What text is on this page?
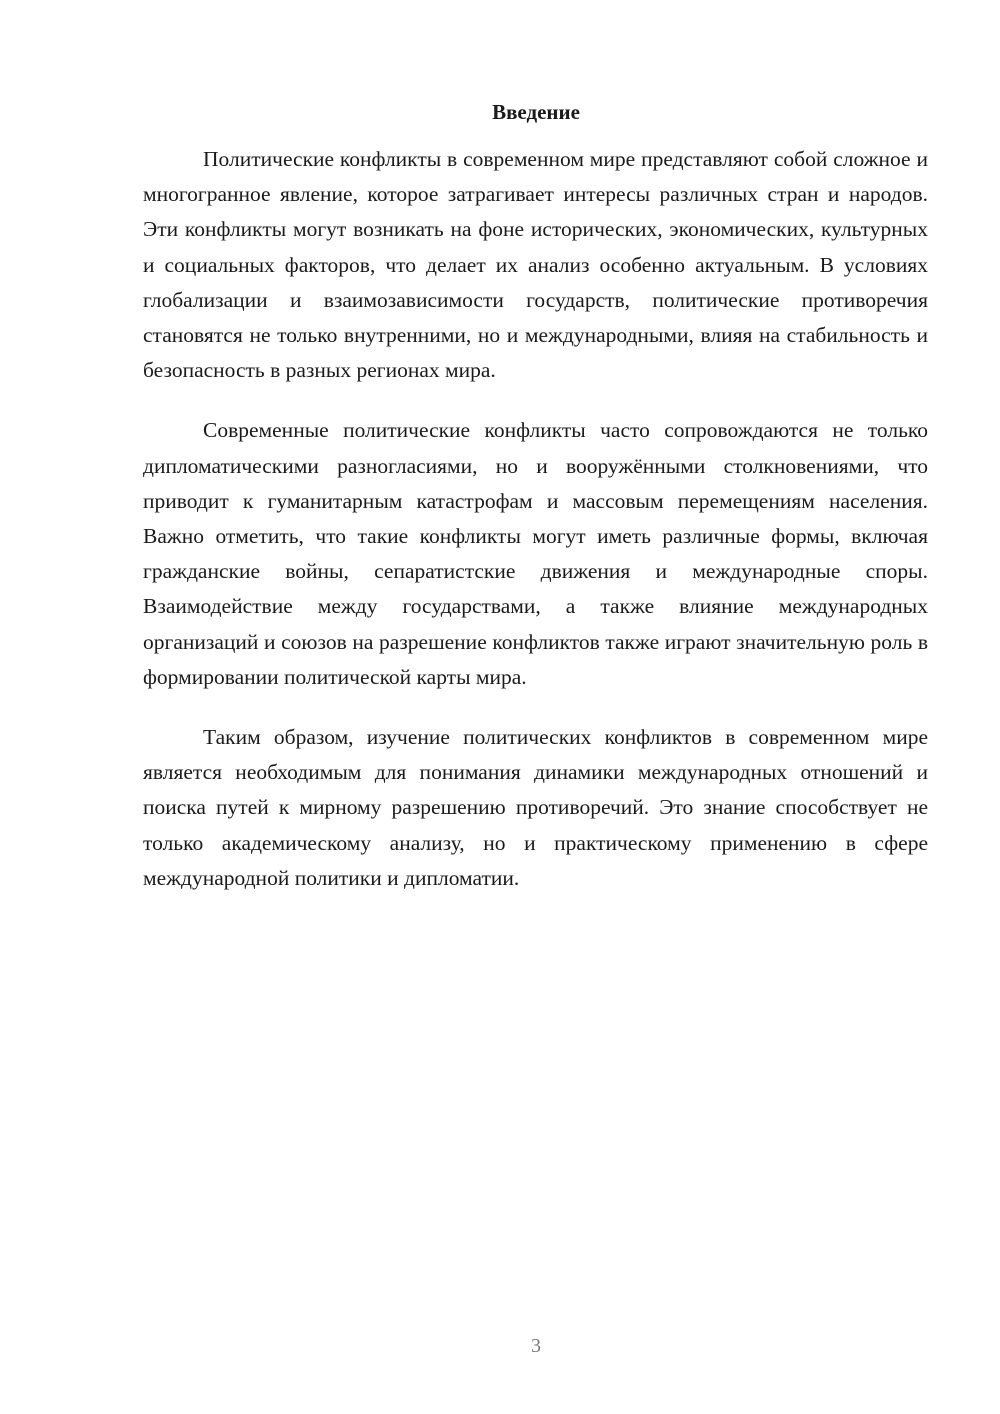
Введение

Политические конфликты в современном мире представляют собой сложное и многогранное явление, которое затрагивает интересы различных стран и народов. Эти конфликты могут возникать на фоне исторических, экономических, культурных и социальных факторов, что делает их анализ особенно актуальным. В условиях глобализации и взаимозависимости государств, политические противоречия становятся не только внутренними, но и международными, влияя на стабильность и безопасность в разных регионах мира.

Современные политические конфликты часто сопровождаются не только дипломатическими разногласиями, но и вооружёнными столкновениями, что приводит к гуманитарным катастрофам и массовым перемещениям населения. Важно отметить, что такие конфликты могут иметь различные формы, включая гражданские войны, сепаратистские движения и международные споры. Взаимодействие между государствами, а также влияние международных организаций и союзов на разрешение конфликтов также играют значительную роль в формировании политической карты мира.

Таким образом, изучение политических конфликтов в современном мире является необходимым для понимания динамики международных отношений и поиска путей к мирному разрешению противоречий. Это знание способствует не только академическому анализу, но и практическому применению в сфере международной политики и дипломатии.

3
